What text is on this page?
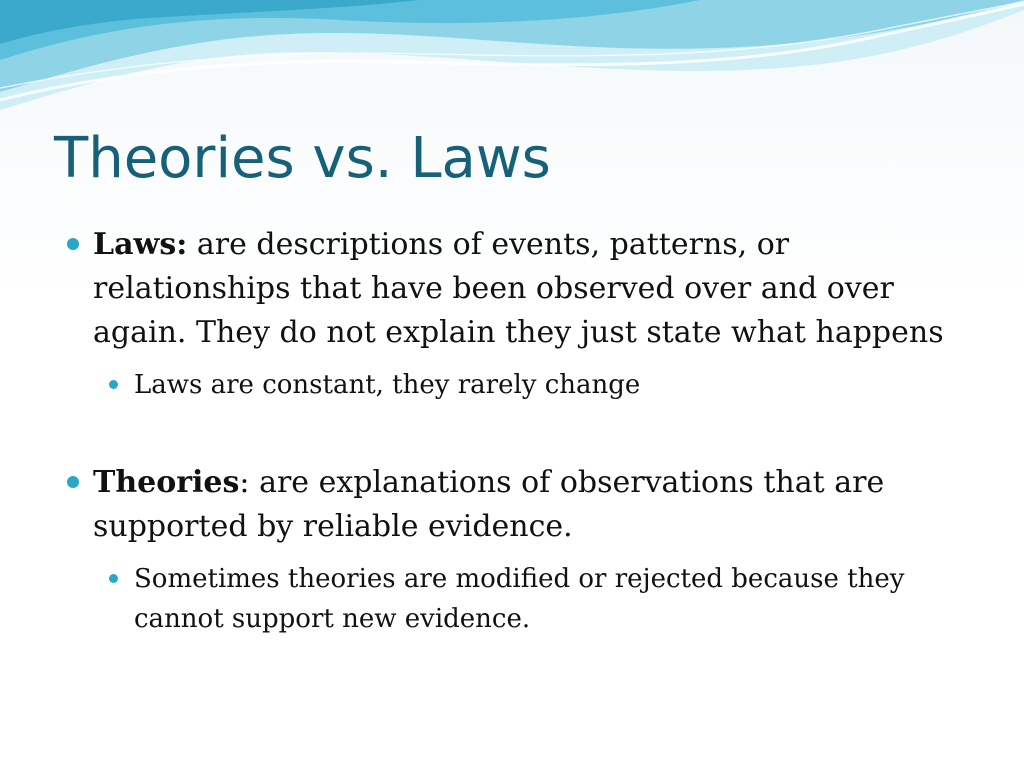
Theories vs. Laws
Laws: are descriptions of events, patterns, or relationships that have been observed over and over again. They do not explain they just state what happens
Laws are constant, they rarely change
Theories: are explanations of observations that are supported by reliable evidence.
Sometimes theories are modified or rejected because they cannot support new evidence.
